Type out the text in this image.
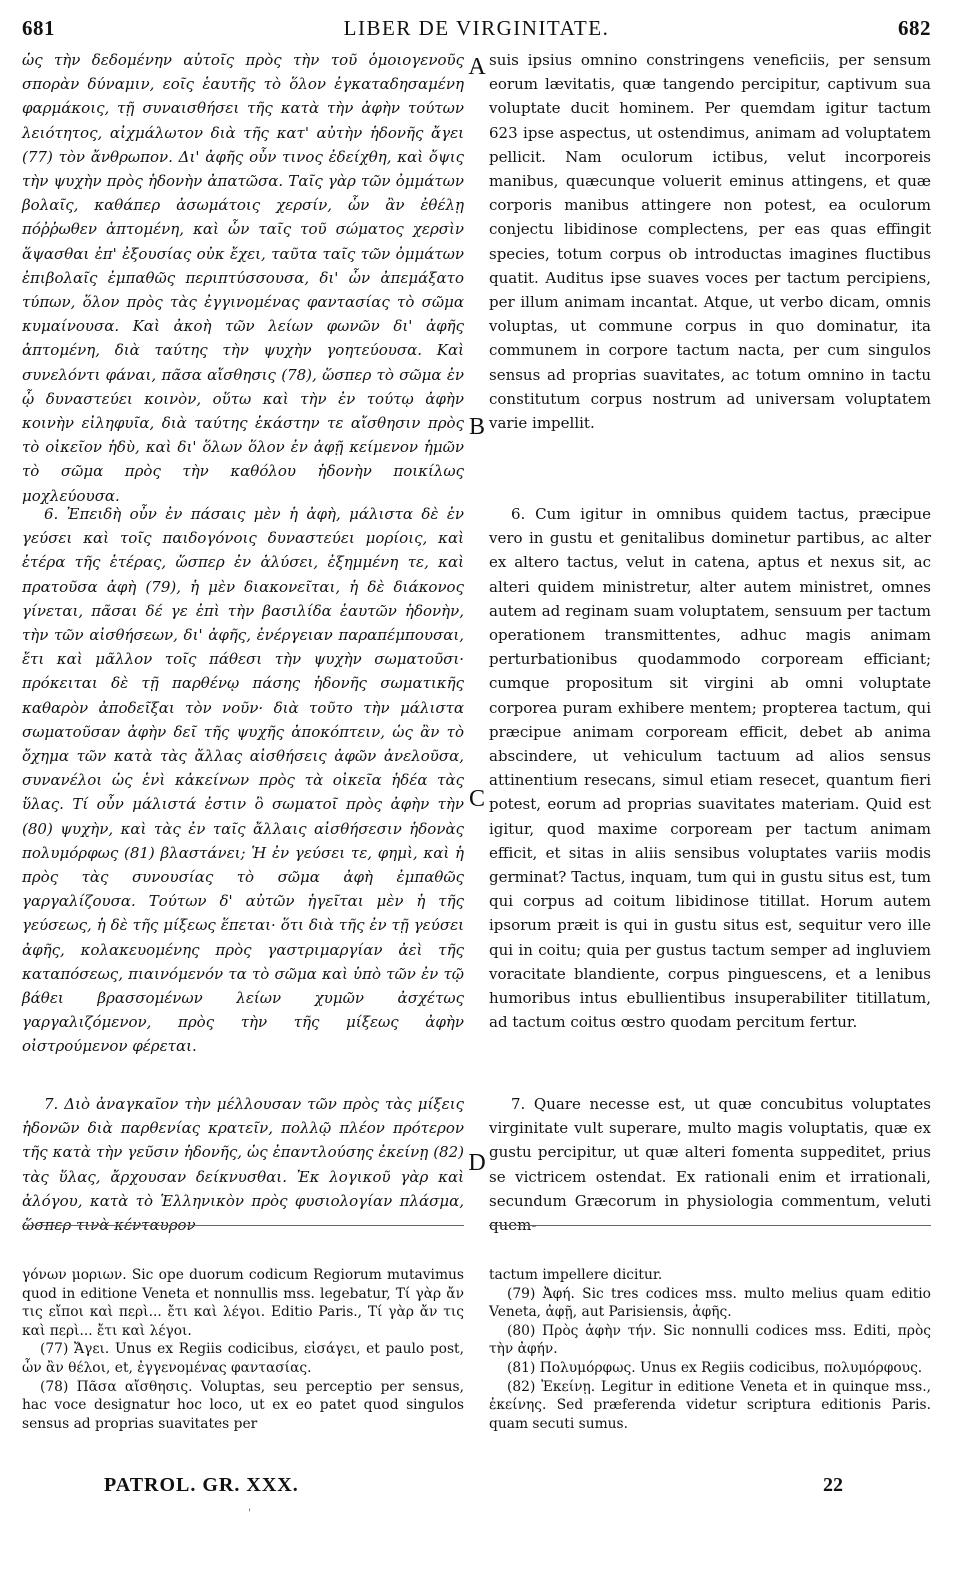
681	LIBER DE VIRGINITATE.	682

ὡς τὴν δεδομένην αὐτοῖς πρὸς τὴν τοῦ ὁμοιογενοῦς σπορὰν δύναμιν, εοῖς ἑαυτῆς τὸ ὅλον ἐγκαταδησαμένη φαρμάκοις, τῇ συναισθήσει τῆς κατὰ τὴν ἀφὴν τούτων λειότητος, αἰχμάλωτον διὰ τῆς κατ' αὐτὴν ἡδονῆς ἄγει (77) τὸν ἄνθρωπον. Δι' ἀφῆς οὖν τινος ἐδείχθη, καὶ ὄψις τὴν ψυχὴν πρὸς ἡδονὴν ἀπατῶσα. Ταῖς γὰρ τῶν ὀμμάτων βολαῖς, καθάπερ ἀσωμάτοις χερσίν, ὧν ἂν ἐθέλῃ πόῤῥωθεν ἁπτομένη, καὶ ὧν ταῖς τοῦ σώματος χερσὶν ἅψασθαι ἐπ' ἐξουσίας οὐκ ἔχει, ταῦτα ταῖς τῶν ὀμμάτων ἐπιβολαῖς ἐμπαθῶς περιπτύσσουσα, δι' ὧν ἀπεμάξατο τύπων, ὅλον πρὸς τὰς ἐγγινομένας φαντασίας τὸ σῶμα κυμαίνουσα. Καὶ ἀκοὴ τῶν λείων φωνῶν δι' ἀφῆς ἁπτομένη, διὰ ταύτης τὴν ψυχὴν γοητεύουσα. Καὶ συνελόντι φάναι, πᾶσα αἴσθησις (78), ὥσπερ τὸ σῶμα ἐν ᾧ δυναστεύει κοινὸν, οὕτω καὶ τὴν ἐν τούτῳ ἀφὴν κοινὴν εἰληφυῖα, διὰ ταύτης ἑκάστην τε αἴσθησιν πρὸς τὸ οἰκεῖον ἡδὺ, καὶ δι' ὅλων ὅλον ἐν ἀφῇ κείμενον ἡμῶν τὸ σῶμα πρὸς τὴν καθόλου ἡδονὴν ποικίλως μοχλεύουσα.

suis ipsius omnino constringens veneficiis, per sensum eorum lævitatis, quæ tangendo percipitur, captivum sua voluptate ducit hominem. Per quemdam igitur tactum 623 ipse aspectus, ut ostendimus, animam ad voluptatem pellicit. Nam oculorum ictibus, velut incorporeis manibus, quæcunque voluerit eminus attingens, et quæ corporis manibus attingere non potest, ea oculorum conjectu libidinose complectens, per eas quas effingit species, totum corpus ob introductas imagines fluctibus quatit. Auditus ipse suaves voces per tactum percipiens, per illum animam incantat. Atque, ut verbo dicam, omnis voluptas, ut commune corpus in quo dominatur, ita communem in corpore tactum nacta, per cum singulos sensus ad proprias suavitates, ac totum omnino in tactu constitutum corpus nostrum ad universam voluptatem varie impellit.

6. Ἐπειδὴ οὖν ἐν πάσαις μὲν ἡ ἀφὴ, μάλιστα δὲ ἐν γεύσει καὶ τοῖς παιδογόνοις δυναστεύει μορίοις, καὶ ἑτέρα τῆς ἑτέρας, ὥσπερ ἐν ἁλύσει, ἐξημμένη τε, καὶ πρατοῦσα ἀφὴ (79), ἡ μὲν διακονεῖται, ἡ δὲ διάκονος γίνεται, πᾶσαι δέ γε ἐπὶ τὴν βασιλίδα ἑαυτῶν ἡδονὴν, τὴν τῶν αἰσθήσεων, δι' ἀφῆς, ἐνέργειαν παραπέμπουσαι, ἔτι καὶ μᾶλλον τοῖς πάθεσι τὴν ψυχὴν σωματοῦσι· πρόκειται δὲ τῇ παρθένῳ πάσης ἡδονῆς σωματικῆς καθαρὸν ἀποδεῖξαι τὸν νοῦν· διὰ τοῦτο τὴν μάλιστα σωματοῦσαν ἀφὴν δεῖ τῆς ψυχῆς ἀποκόπτειν, ὡς ἂν τὸ ὄχημα τῶν κατὰ τὰς ἄλλας αἰσθήσεις ἀφῶν ἀνελοῦσα, συνανέλοι ὡς ἑνὶ κἀκείνων πρὸς τὰ οἰκεῖα ἡδέα τὰς ὕλας. Τί οὖν μάλιστά ἐστιν ὃ σωματοῖ πρὸς ἀφὴν τὴν (80) ψυχὴν, καὶ τὰς ἐν ταῖς ἄλλαις αἰσθήσεσιν ἡδονὰς πολυμόρφως (81) βλαστάνει; Ἡ ἐν γεύσει τε, φημὶ, καὶ ἡ πρὸς τὰς συνουσίας τὸ σῶμα ἀφὴ ἐμπαθῶς γαργαλίζουσα. Τούτων δ' αὐτῶν ἡγεῖται μὲν ἡ τῆς γεύσεως, ἡ δὲ τῆς μίξεως ἕπεται· ὅτι διὰ τῆς ἐν τῇ γεύσει ἀφῆς, κολακευομένης πρὸς γαστριμαργίαν ἀεὶ τῆς καταπόσεως, πιαινόμενόν τα τὸ σῶμα καὶ ὑπὸ τῶν ἐν τῷ βάθει βρασσομένων λείων χυμῶν ἀσχέτως γαργαλιζόμενον, πρὸς τὴν τῆς μίξεως ἀφὴν οἰστρούμενον φέρεται.

6. Cum igitur in omnibus quidem tactus, præcipue vero in gustu et genitalibus dominetur partibus, ac alter ex altero tactus, velut in catena, aptus et nexus sit, ac alteri quidem ministretur, alter autem ministret, omnes autem ad reginam suam voluptatem, sensuum per tactum operationem transmittentes, adhuc magis animam perturbationibus quodammodo corpoream efficiant; cumque propositum sit virgini ab omni voluptate corporea puram exhibere mentem; propterea tactum, qui præcipue animam corpoream efficit, debet ab anima abscindere, ut vehiculum tactuum ad alios sensus attinentium resecans, simul etiam resecet, quantum fieri potest, eorum ad proprias suavitates materiam. Quid est igitur, quod maxime corpoream per tactum animam efficit, et sitas in aliis sensibus voluptates variis modis germinat? Tactus, inquam, tum qui in gustu situs est, tum qui corpus ad coitum libidinose titillat. Horum autem ipsorum præit is qui in gustu situs est, sequitur vero ille qui in coitu; quia per gustus tactum semper ad ingluviem voracitate blandiente, corpus pinguescens, et a lenibus humoribus intus ebullientibus insuperabiliter titillatum, ad tactum coitus œstro quodam percitum fertur.

7. Διὸ ἀναγκαῖον τὴν μέλλουσαν τῶν πρὸς τὰς μίξεις ἡδονῶν διὰ παρθενίας κρατεῖν, πολλῷ πλέον πρότερον τῆς κατὰ τὴν γεῦσιν ἡδονῆς, ὡς ἐπαντλούσης ἐκείνῃ (82) τὰς ὕλας, ἄρχουσαν δείκνυσθαι. Ἐκ λογικοῦ γὰρ καὶ ἀλόγου, κατὰ τὸ Ἑλληνικὸν πρὸς φυσιολογίαν πλάσμα, ὥσπερ τινὰ κένταυρον

7. Quare necesse est, ut quæ concubitus voluptates virginitate vult superare, multo magis voluptatis, quæ ex gustu percipitur, ut quæ alteri fomenta suppeditet, prius se victricem ostendat. Ex rationali enim et irrationali, secundum Græcorum in physiologia commentum, veluti quem-

A
B
C
D

γόνων μοριων. Sic ope duorum codicum Regiorum mutavimus quod in editione Veneta et nonnullis mss. legebatur, Τί γὰρ ἄν τις εἴποι καὶ περὶ... ἔτι καὶ λέγοι. Editio Paris., Τί γὰρ ἄν τις καὶ περὶ... ἔτι καὶ λέγοι.

(77) Ἄγει. Unus ex Regiis codicibus, εἰσάγει, et paulo post, ὧν ἂν θέλοι, et, ἐγγενομένας φαντασίας.

(78) Πᾶσα αἴσθησις. Voluptas, seu perceptio per sensus, hac voce designatur hoc loco, ut ex eo patet quod singulos sensus ad proprias suavitates per

tactum impellere dicitur.

(79) Ἀφή. Sic tres codices mss. multo melius quam editio Veneta, ἀφῇ, aut Parisiensis, ἀφῆς.

(80) Πρὸς ἀφὴν τήν. Sic nonnulli codices mss. Editi, πρὸς τὴν ἀφήν.

(81) Πολυμόρφως. Unus ex Regiis codicibus, πολυμόρφους.

(82) Ἐκείνῃ. Legitur in editione Veneta et in quinque mss., ἐκείνης. Sed præferenda videtur scriptura editionis Paris. quam secuti sumus.

PATROL. GR. XXX.
'
22
